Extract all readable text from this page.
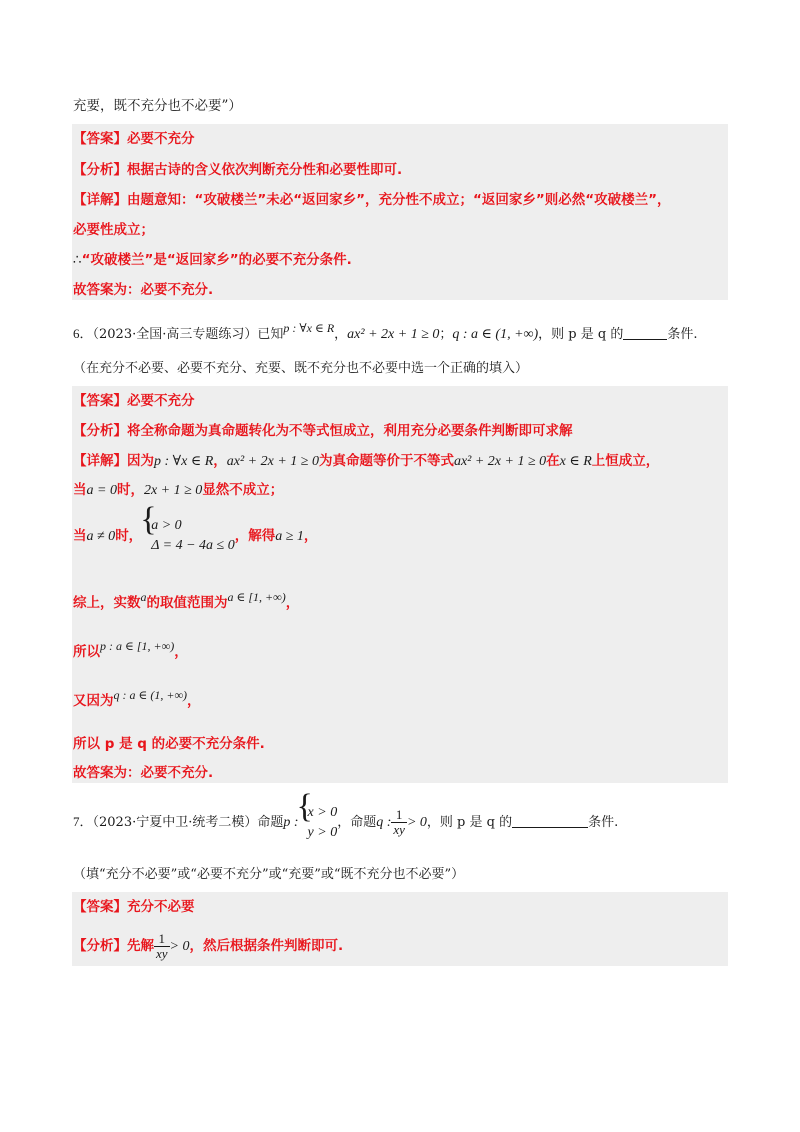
充要，既不充分也不必要”）
【答案】必要不充分
【分析】根据古诗的含义依次判断充分性和必要性即可.
【详解】由题意知：“攻破楼兰”未必“返回家乡”，充分性不成立；“返回家乡”则必然“攻破楼兰”，
必要性成立；
∴“攻破楼兰”是“返回家乡”的必要不充分条件.
故答案为：必要不充分.
6．（2023·全国·高三专题练习）已知p : ∀x ∈ R，ax² + 2x + 1 ≥ 0；q : a ∈ (1, +∞)，则 p 是 q 的	条件.
（在充分不必要、必要不充分、充要、既不充分也不必要中选一个正确的填入）
【答案】必要不充分
【分析】将全称命题为真命题转化为不等式恒成立，利用充分必要条件判断即可求解
【详解】因为p : ∀x ∈ R，ax² + 2x + 1 ≥ 0为真命题等价于不等式ax² + 2x + 1 ≥ 0在x ∈ R上恒成立，
当a = 0时，2x + 1 ≥ 0显然不成立；
当a ≠ 0时，
{ a > 0
Δ = 4 − 4a ≤ 0
，解得a ≥ 1，
综上，实数a的取值范围为a ∈ [1, +∞)，
所以p : a ∈ [1, +∞)，
又因为q : a ∈ (1, +∞)，
所以 p 是 q 的必要不充分条件.
故答案为：必要不充分.
7．（2023·宁夏中卫·统考二模）命题p :
{ x > 0
y > 0
，命题q : $\frac{1}{xy} > 0$，则 p 是 q 的	条件.
（填“充分不必要”或“必要不充分”或“充要”或“既不充分也不必要”）
【答案】充分不必要
【分析】先解 $\frac{1}{xy} > 0$，然后根据条件判断即可.
